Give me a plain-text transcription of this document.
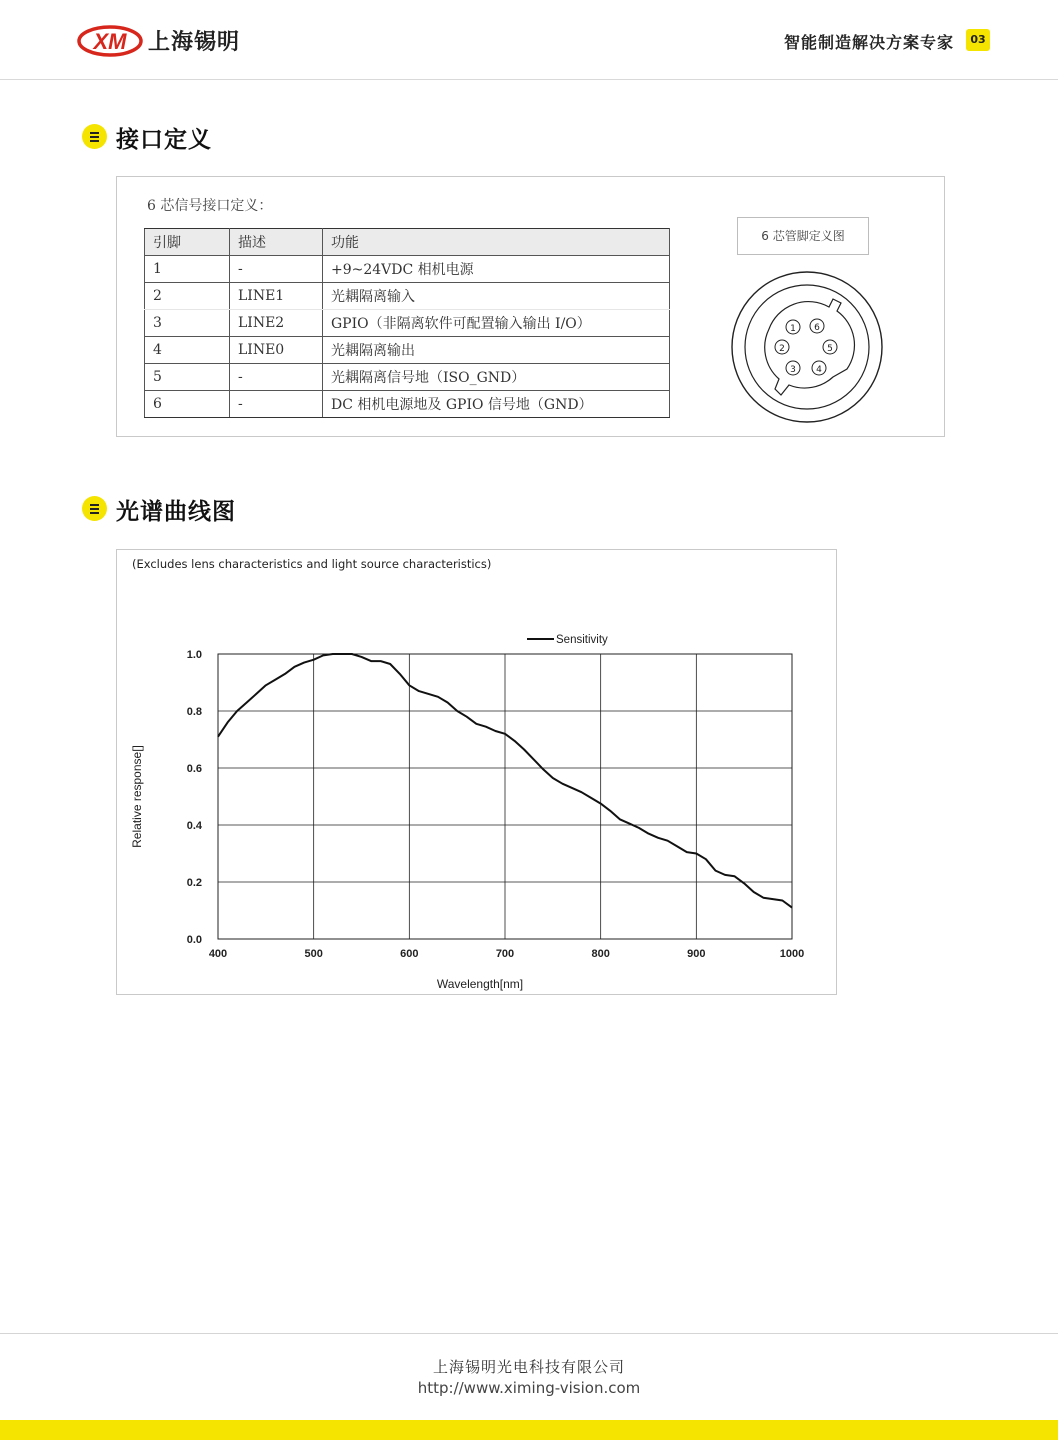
XM 上海锡明	智能制造解决方案专家	03
接口定义
6 芯信号接口定义：
引脚	描述	功能
1	-	+9~24VDC 相机电源
2	LINE1	光耦隔离输入
3	LINE2	GPIO（非隔离软件可配置输入输出 I/O）
4	LINE0	光耦隔离输出
5	-	光耦隔离信号地（ISO_GND）
6	-	DC 相机电源地及 GPIO 信号地（GND）
6 芯管脚定义图
1 6
2	5
3 4
光谱曲线图
(Excludes lens characteristics and light source characteristics)
400	500	600	700	800	900	1000
0.0
0.2
0.4
0.6
0.8
1.0
Sensitivity
Wavelength[nm]
Relative response[]
上海锡明光电科技有限公司
http://www.ximing-vision.com
